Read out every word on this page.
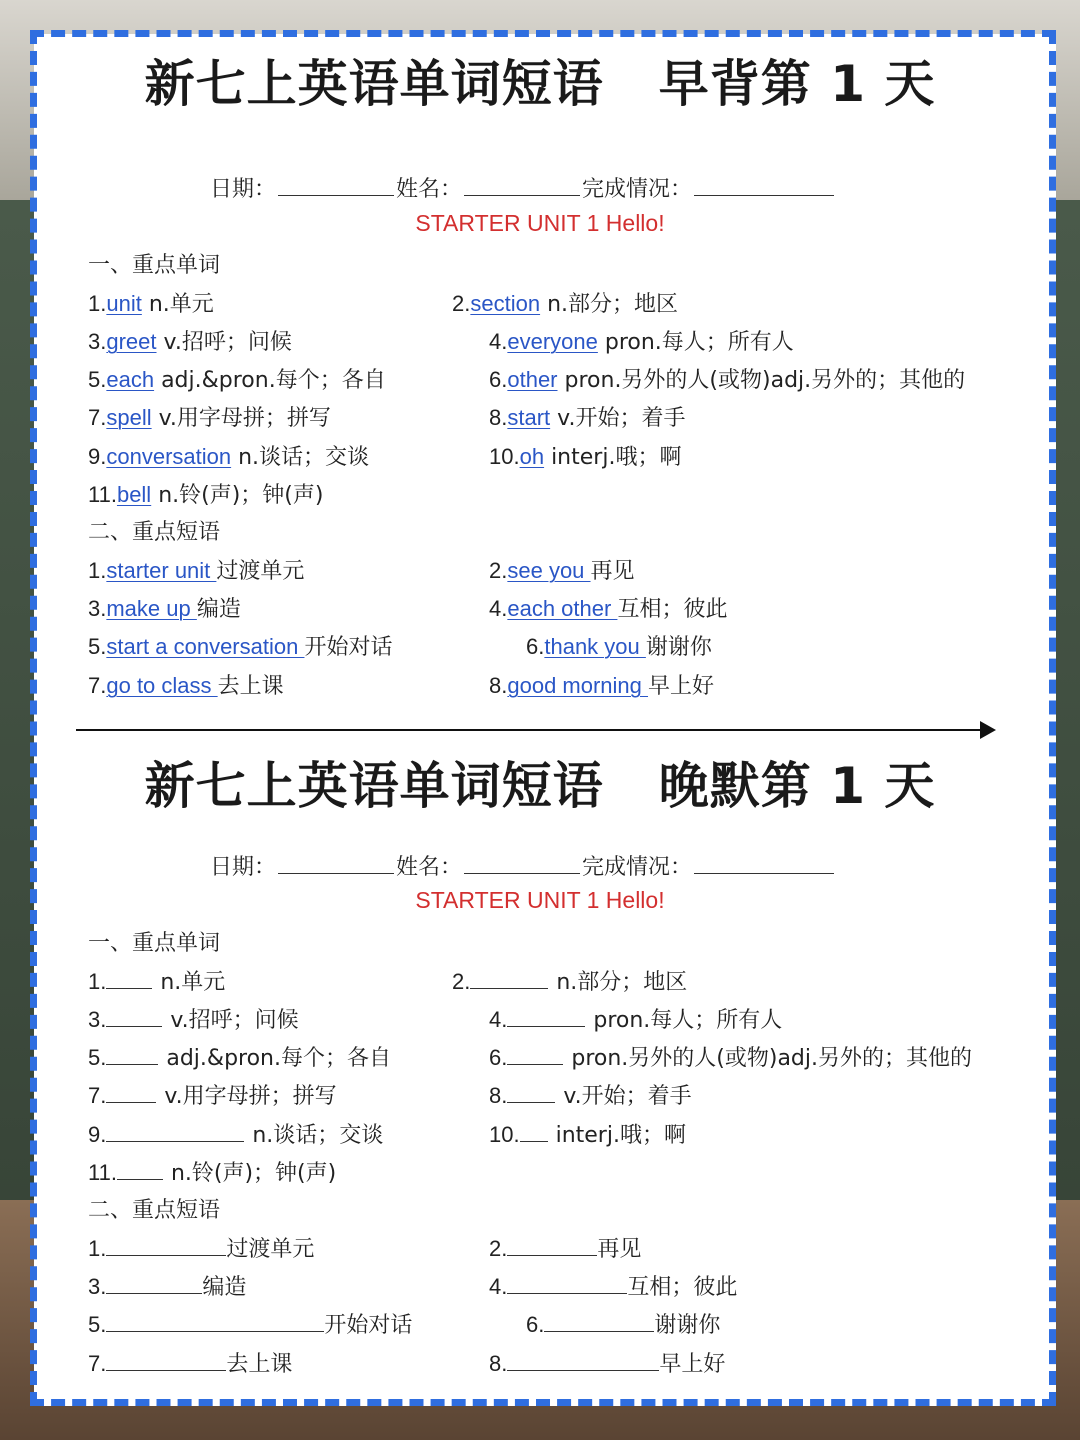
新七上英语单词短语   早背第 1 天
日期：	姓名：	完成情况：
STARTER UNIT 1 Hello!
一、重点单词
二、重点短语
1.unit n.单元	2.section n.部分；地区
3.greet v.招呼；问候	4.everyone pron.每人；所有人
5.each adj.&pron.每个；各自	6.other pron.另外的人(或物)adj.另外的；其他的
7.spell v.用字母拼；拼写	8.start v.开始；着手
9.conversation n.谈话；交谈	10.oh interj.哦；啊
11.bell n.铃(声)；钟(声)
1.starter unit 过渡单元	2.see you 再见
3.make up 编造	4.each other 互相；彼此
5.start a conversation 开始对话	6.thank you 谢谢你
7.go to class 去上课	8.good morning 早上好
新七上英语单词短语   晚默第 1 天
日期：	姓名：	完成情况：
STARTER UNIT 1 Hello!
一、重点单词
二、重点短语
1. n.单元	2.	n.部分；地区
3.	v.招呼；问候	4.	pron.每人；所有人
5.	adj.&pron.每个；各自	6.	pron.另外的人(或物)adj.另外的；其他的
7.	v.用字母拼；拼写	8.	v.开始；着手
9.	n.谈话；交谈	10. interj.哦；啊
11. n.铃(声)；钟(声)
1.	过渡单元	2.	再见
3.	编造	4.	互相；彼此
5.	开始对话	6.	谢谢你
7.	去上课	8.	早上好
